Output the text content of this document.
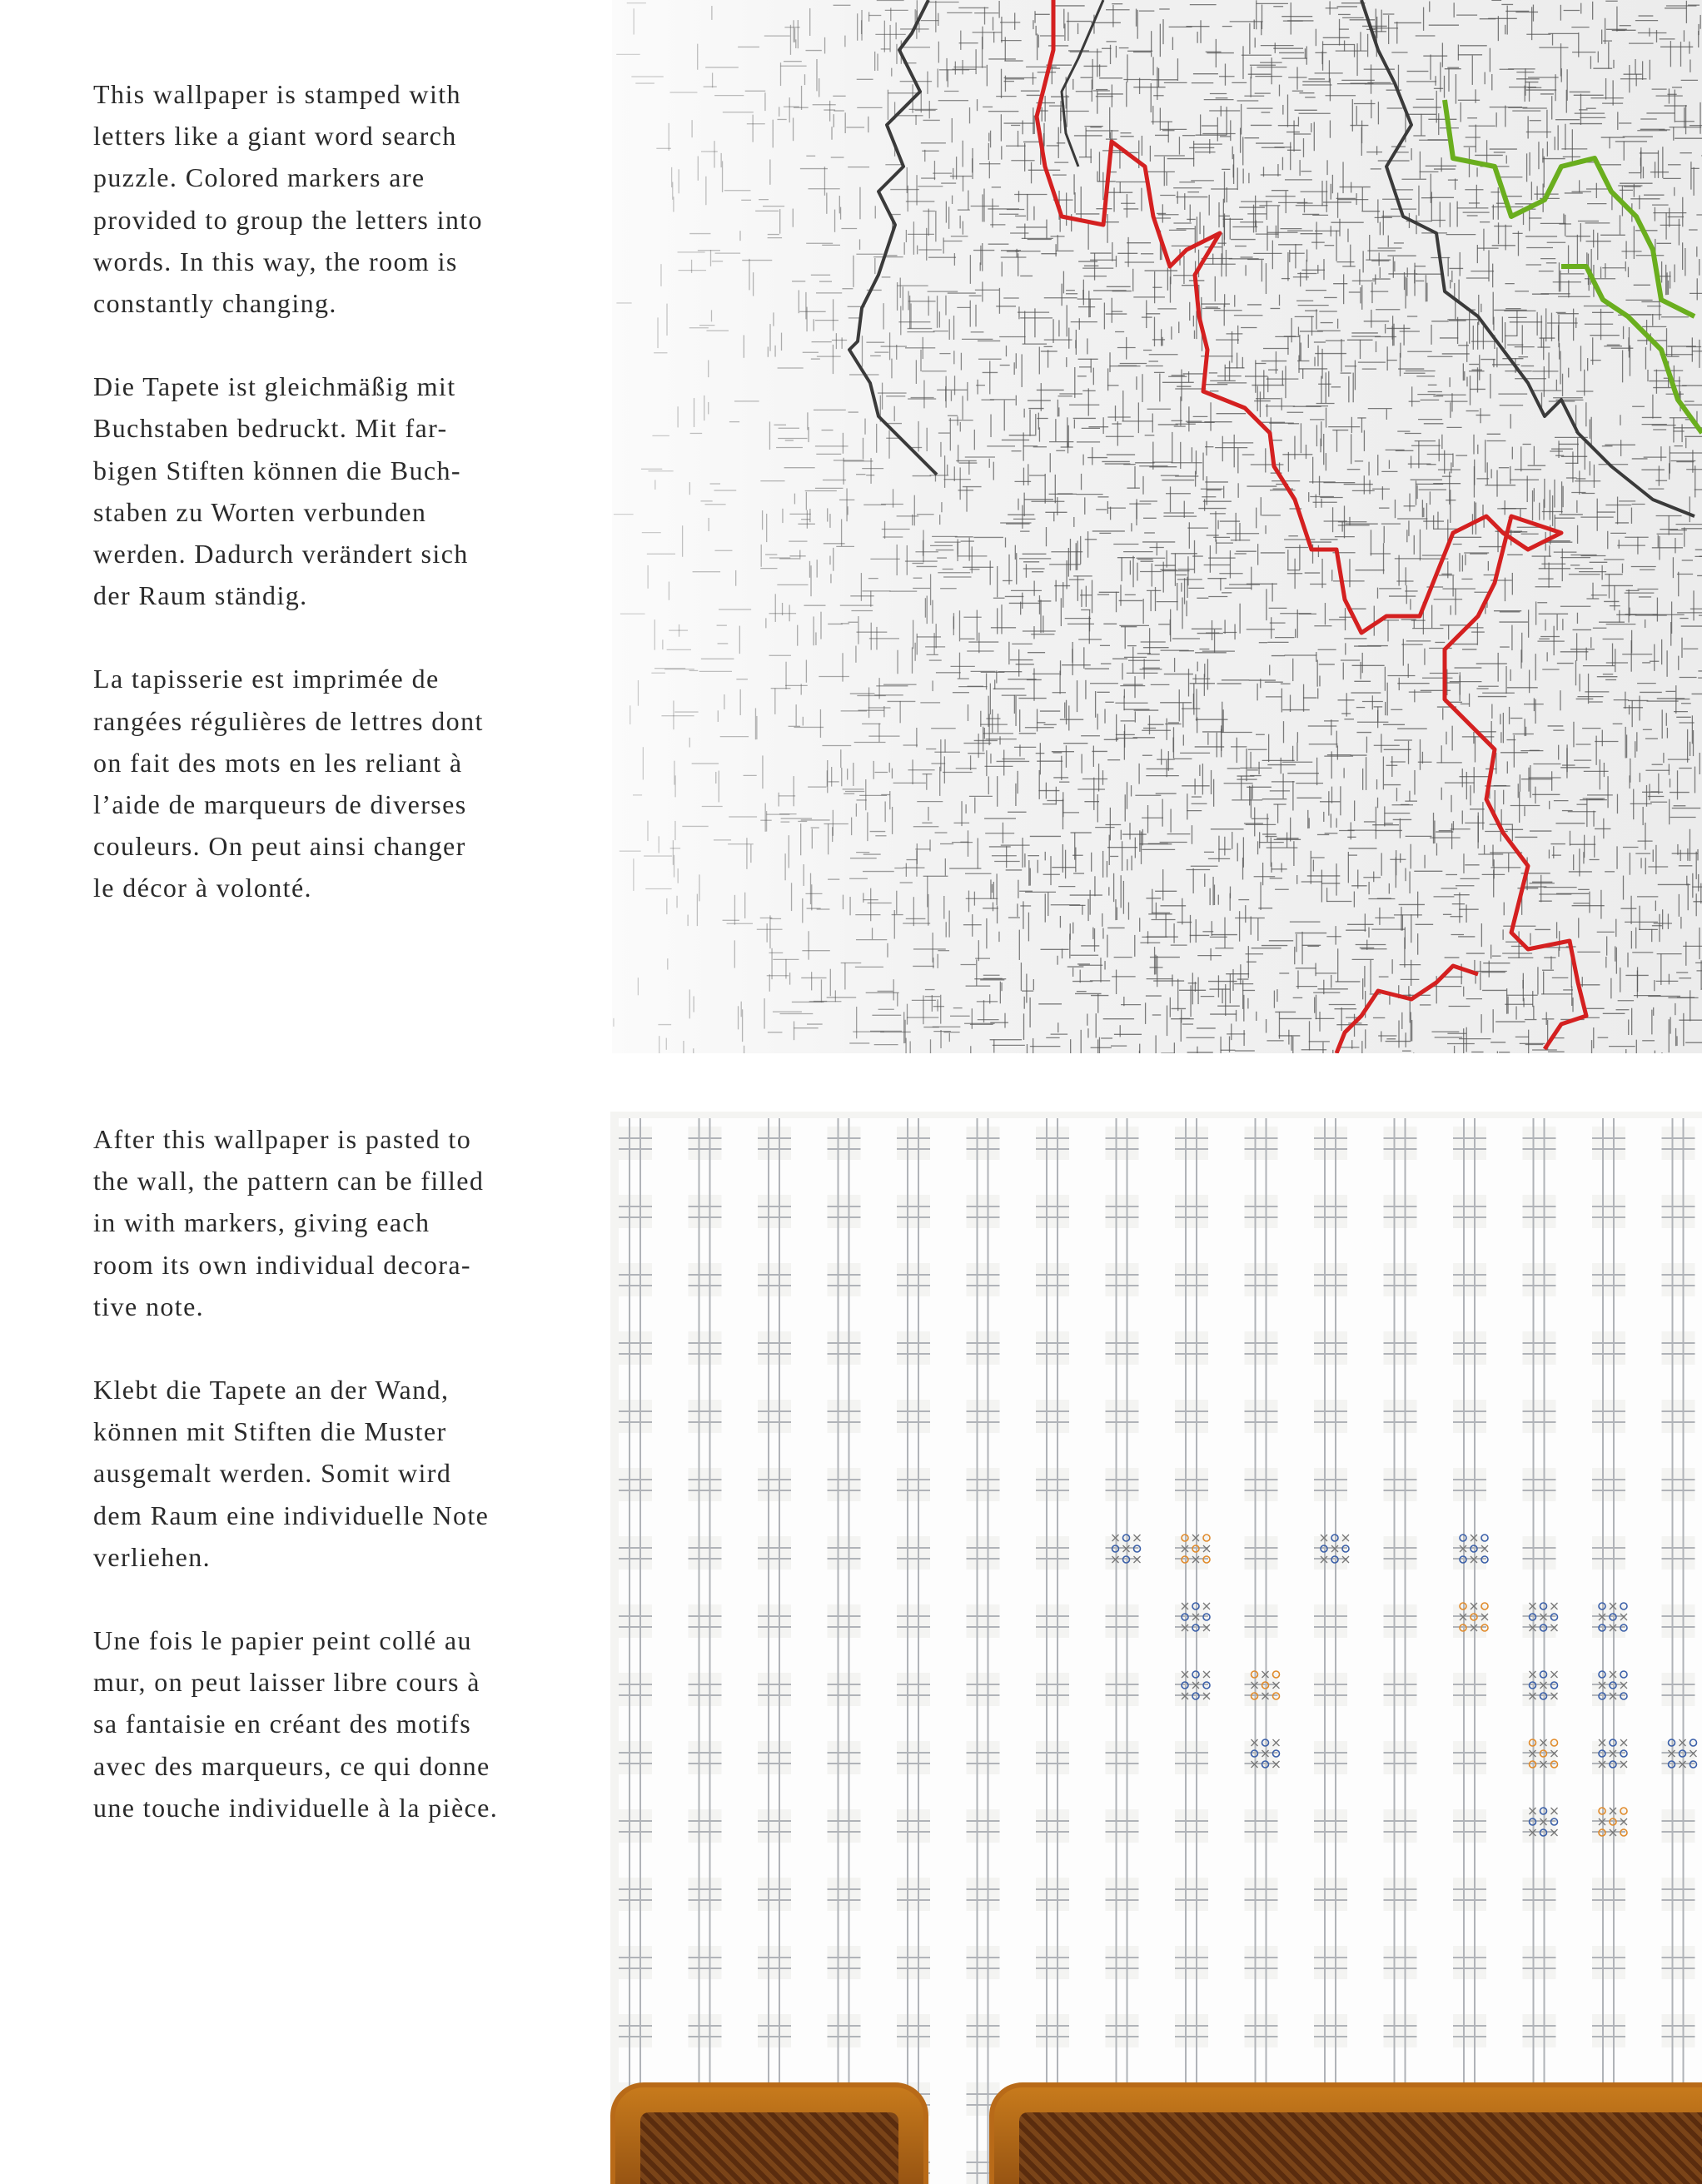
This wallpaper is stamped with
letters like a giant word search
puzzle. Colored markers are
provided to group the letters into
words. In this way, the room is
constantly changing.
Die Tapete ist gleichmäßig mit
Buchstaben bedruckt. Mit far-
bigen Stiften können die Buch-
staben zu Worten verbunden
werden. Dadurch verändert sich
der Raum ständig.
La tapisserie est imprimée de
rangées régulières de lettres dont
on fait des mots en les reliant à
l’aide de marqueurs de diverses
couleurs. On peut ainsi changer
le décor à volonté.
After this wallpaper is pasted to
the wall, the pattern can be filled
in with markers, giving each
room its own individual decora-
tive note.
Klebt die Tapete an der Wand,
können mit Stiften die Muster
ausgemalt werden. Somit wird
dem Raum eine individuelle Note
verliehen.
Une fois le papier peint collé au
mur, on peut laisser libre cours à
sa fantaisie en créant des motifs
avec des marqueurs, ce qui donne
une touche individuelle à la pièce.
